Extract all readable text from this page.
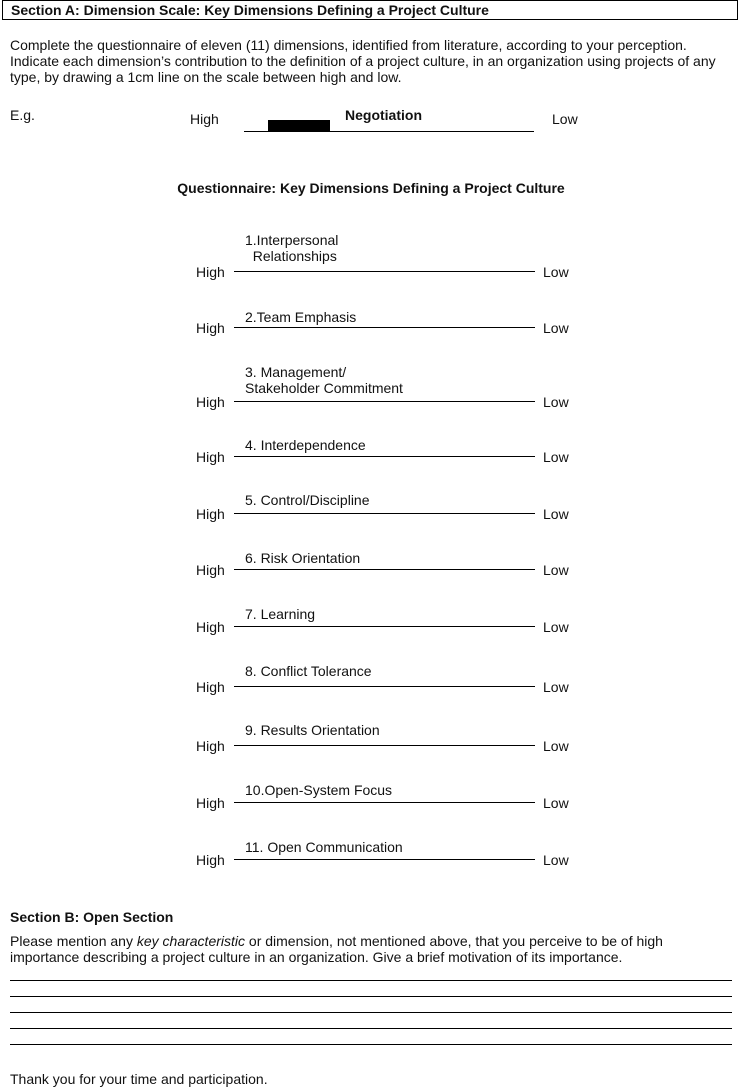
Section A: Dimension Scale: Key Dimensions Defining a Project Culture
Complete the questionnaire of eleven (11) dimensions, identified from literature, according to your perception. Indicate each dimension’s contribution to the definition of a project culture, in an organization using projects of any type, by drawing a 1cm line on the scale between high and low.
E.g.	High	Negotiation	Low
Questionnaire: Key Dimensions Defining a Project Culture
High
1.Interpersonal
Relationships
Low
High
2.Team Emphasis
Low
High
3. Management/
Stakeholder Commitment
Low
High
4. Interdependence
Low
High
5. Control/Discipline
Low
High
6. Risk Orientation
Low
High
7. Learning
Low
High
8. Conflict Tolerance
Low
High
9. Results Orientation
Low
High
10.Open-System Focus
Low
High
11. Open Communication
Low
Section B: Open Section
Please mention any key characteristic or dimension, not mentioned above, that you perceive to be of high importance describing a project culture in an organization. Give a brief motivation of its importance.
Thank you for your time and participation.
